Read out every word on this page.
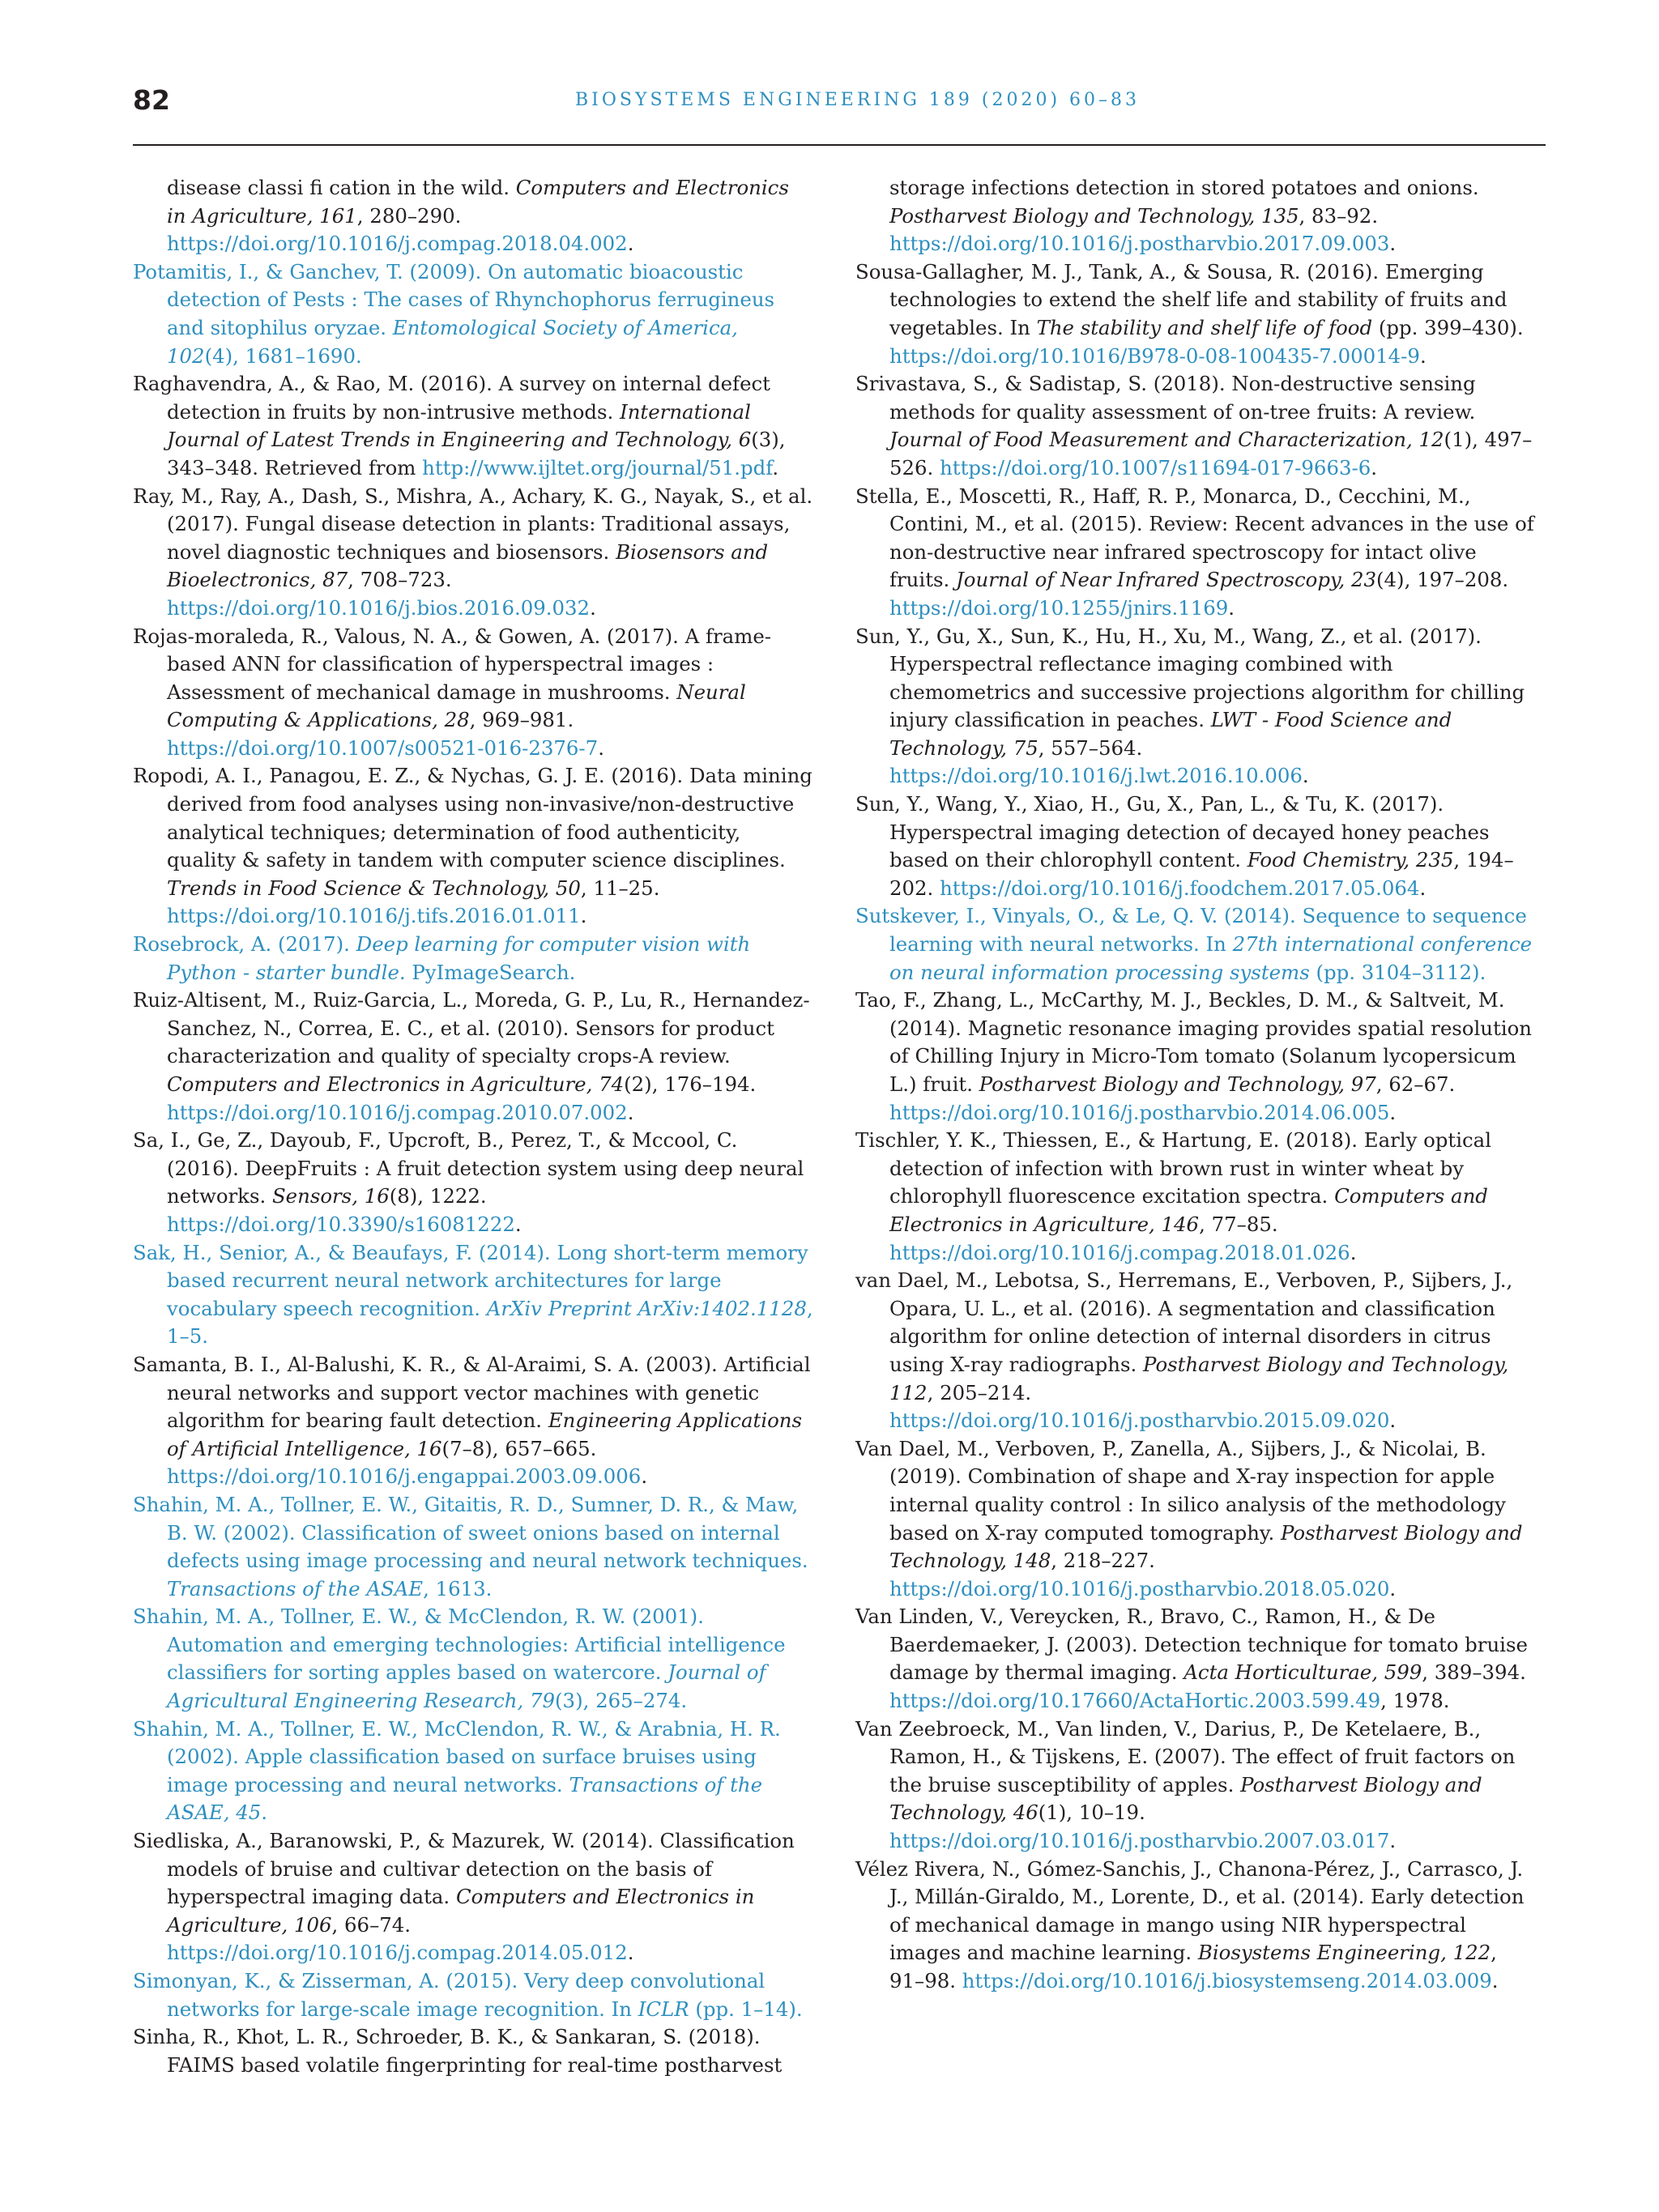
82	BIOSYSTEMS ENGINEERING 189 (2020) 60–83

disease classi fi cation in the wild. Computers and Electronics in Agriculture, 161, 280–290. https://doi.org/10.1016/j.compag.2018.04.002.

Potamitis, I., & Ganchev, T. (2009). On automatic bioacoustic detection of Pests : The cases of Rhynchophorus ferrugineus and sitophilus oryzae. Entomological Society of America, 102(4), 1681–1690.

Raghavendra, A., & Rao, M. (2016). A survey on internal defect detection in fruits by non-intrusive methods. International Journal of Latest Trends in Engineering and Technology, 6(3), 343–348. Retrieved from http://www.ijltet.org/journal/51.pdf.

Ray, M., Ray, A., Dash, S., Mishra, A., Achary, K. G., Nayak, S., et al. (2017). Fungal disease detection in plants: Traditional assays, novel diagnostic techniques and biosensors. Biosensors and Bioelectronics, 87, 708–723. https://doi.org/10.1016/j.bios.2016.09.032.

Rojas-moraleda, R., Valous, N. A., & Gowen, A. (2017). A frame-based ANN for classification of hyperspectral images : Assessment of mechanical damage in mushrooms. Neural Computing & Applications, 28, 969–981. https://doi.org/10.1007/s00521-016-2376-7.

Ropodi, A. I., Panagou, E. Z., & Nychas, G. J. E. (2016). Data mining derived from food analyses using non-invasive/non-destructive analytical techniques; determination of food authenticity, quality & safety in tandem with computer science disciplines. Trends in Food Science & Technology, 50, 11–25. https://doi.org/10.1016/j.tifs.2016.01.011.

Rosebrock, A. (2017). Deep learning for computer vision with Python - starter bundle. PyImageSearch.

Ruiz-Altisent, M., Ruiz-Garcia, L., Moreda, G. P., Lu, R., Hernandez-Sanchez, N., Correa, E. C., et al. (2010). Sensors for product characterization and quality of specialty crops-A review. Computers and Electronics in Agriculture, 74(2), 176–194. https://doi.org/10.1016/j.compag.2010.07.002.

Sa, I., Ge, Z., Dayoub, F., Upcroft, B., Perez, T., & Mccool, C. (2016). DeepFruits : A fruit detection system using deep neural networks. Sensors, 16(8), 1222. https://doi.org/10.3390/s16081222.

Sak, H., Senior, A., & Beaufays, F. (2014). Long short-term memory based recurrent neural network architectures for large vocabulary speech recognition. ArXiv Preprint ArXiv:1402.1128, 1–5.

Samanta, B. I., Al-Balushi, K. R., & Al-Araimi, S. A. (2003). Artificial neural networks and support vector machines with genetic algorithm for bearing fault detection. Engineering Applications of Artificial Intelligence, 16(7–8), 657–665. https://doi.org/10.1016/j.engappai.2003.09.006.

Shahin, M. A., Tollner, E. W., Gitaitis, R. D., Sumner, D. R., & Maw, B. W. (2002). Classification of sweet onions based on internal defects using image processing and neural network techniques. Transactions of the ASAE, 1613.

Shahin, M. A., Tollner, E. W., & McClendon, R. W. (2001). Automation and emerging technologies: Artificial intelligence classifiers for sorting apples based on watercore. Journal of Agricultural Engineering Research, 79(3), 265–274.

Shahin, M. A., Tollner, E. W., McClendon, R. W., & Arabnia, H. R. (2002). Apple classification based on surface bruises using image processing and neural networks. Transactions of the ASAE, 45.

Siedliska, A., Baranowski, P., & Mazurek, W. (2014). Classification models of bruise and cultivar detection on the basis of hyperspectral imaging data. Computers and Electronics in Agriculture, 106, 66–74. https://doi.org/10.1016/j.compag.2014.05.012.

Simonyan, K., & Zisserman, A. (2015). Very deep convolutional networks for large-scale image recognition. In ICLR (pp. 1–14).

Sinha, R., Khot, L. R., Schroeder, B. K., & Sankaran, S. (2018). FAIMS based volatile fingerprinting for real-time postharvest

storage infections detection in stored potatoes and onions. Postharvest Biology and Technology, 135, 83–92. https://doi.org/10.1016/j.postharvbio.2017.09.003.

Sousa-Gallagher, M. J., Tank, A., & Sousa, R. (2016). Emerging technologies to extend the shelf life and stability of fruits and vegetables. In The stability and shelf life of food (pp. 399–430). https://doi.org/10.1016/B978-0-08-100435-7.00014-9.

Srivastava, S., & Sadistap, S. (2018). Non-destructive sensing methods for quality assessment of on-tree fruits: A review. Journal of Food Measurement and Characterization, 12(1), 497–526. https://doi.org/10.1007/s11694-017-9663-6.

Stella, E., Moscetti, R., Haff, R. P., Monarca, D., Cecchini, M., Contini, M., et al. (2015). Review: Recent advances in the use of non-destructive near infrared spectroscopy for intact olive fruits. Journal of Near Infrared Spectroscopy, 23(4), 197–208. https://doi.org/10.1255/jnirs.1169.

Sun, Y., Gu, X., Sun, K., Hu, H., Xu, M., Wang, Z., et al. (2017). Hyperspectral reflectance imaging combined with chemometrics and successive projections algorithm for chilling injury classification in peaches. LWT - Food Science and Technology, 75, 557–564. https://doi.org/10.1016/j.lwt.2016.10.006.

Sun, Y., Wang, Y., Xiao, H., Gu, X., Pan, L., & Tu, K. (2017). Hyperspectral imaging detection of decayed honey peaches based on their chlorophyll content. Food Chemistry, 235, 194–202. https://doi.org/10.1016/j.foodchem.2017.05.064.

Sutskever, I., Vinyals, O., & Le, Q. V. (2014). Sequence to sequence learning with neural networks. In 27th international conference on neural information processing systems (pp. 3104–3112).

Tao, F., Zhang, L., McCarthy, M. J., Beckles, D. M., & Saltveit, M. (2014). Magnetic resonance imaging provides spatial resolution of Chilling Injury in Micro-Tom tomato (Solanum lycopersicum L.) fruit. Postharvest Biology and Technology, 97, 62–67. https://doi.org/10.1016/j.postharvbio.2014.06.005.

Tischler, Y. K., Thiessen, E., & Hartung, E. (2018). Early optical detection of infection with brown rust in winter wheat by chlorophyll fluorescence excitation spectra. Computers and Electronics in Agriculture, 146, 77–85. https://doi.org/10.1016/j.compag.2018.01.026.

van Dael, M., Lebotsa, S., Herremans, E., Verboven, P., Sijbers, J., Opara, U. L., et al. (2016). A segmentation and classification algorithm for online detection of internal disorders in citrus using X-ray radiographs. Postharvest Biology and Technology, 112, 205–214. https://doi.org/10.1016/j.postharvbio.2015.09.020.

Van Dael, M., Verboven, P., Zanella, A., Sijbers, J., & Nicolai, B. (2019). Combination of shape and X-ray inspection for apple internal quality control : In silico analysis of the methodology based on X-ray computed tomography. Postharvest Biology and Technology, 148, 218–227. https://doi.org/10.1016/j.postharvbio.2018.05.020.

Van Linden, V., Vereycken, R., Bravo, C., Ramon, H., & De Baerdemaeker, J. (2003). Detection technique for tomato bruise damage by thermal imaging. Acta Horticulturae, 599, 389–394. https://doi.org/10.17660/ActaHortic.2003.599.49, 1978.

Van Zeebroeck, M., Van linden, V., Darius, P., De Ketelaere, B., Ramon, H., & Tijskens, E. (2007). The effect of fruit factors on the bruise susceptibility of apples. Postharvest Biology and Technology, 46(1), 10–19. https://doi.org/10.1016/j.postharvbio.2007.03.017.

Vélez Rivera, N., Gómez-Sanchis, J., Chanona-Pérez, J., Carrasco, J. J., Millán-Giraldo, M., Lorente, D., et al. (2014). Early detection of mechanical damage in mango using NIR hyperspectral images and machine learning. Biosystems Engineering, 122, 91–98. https://doi.org/10.1016/j.biosystemseng.2014.03.009.
